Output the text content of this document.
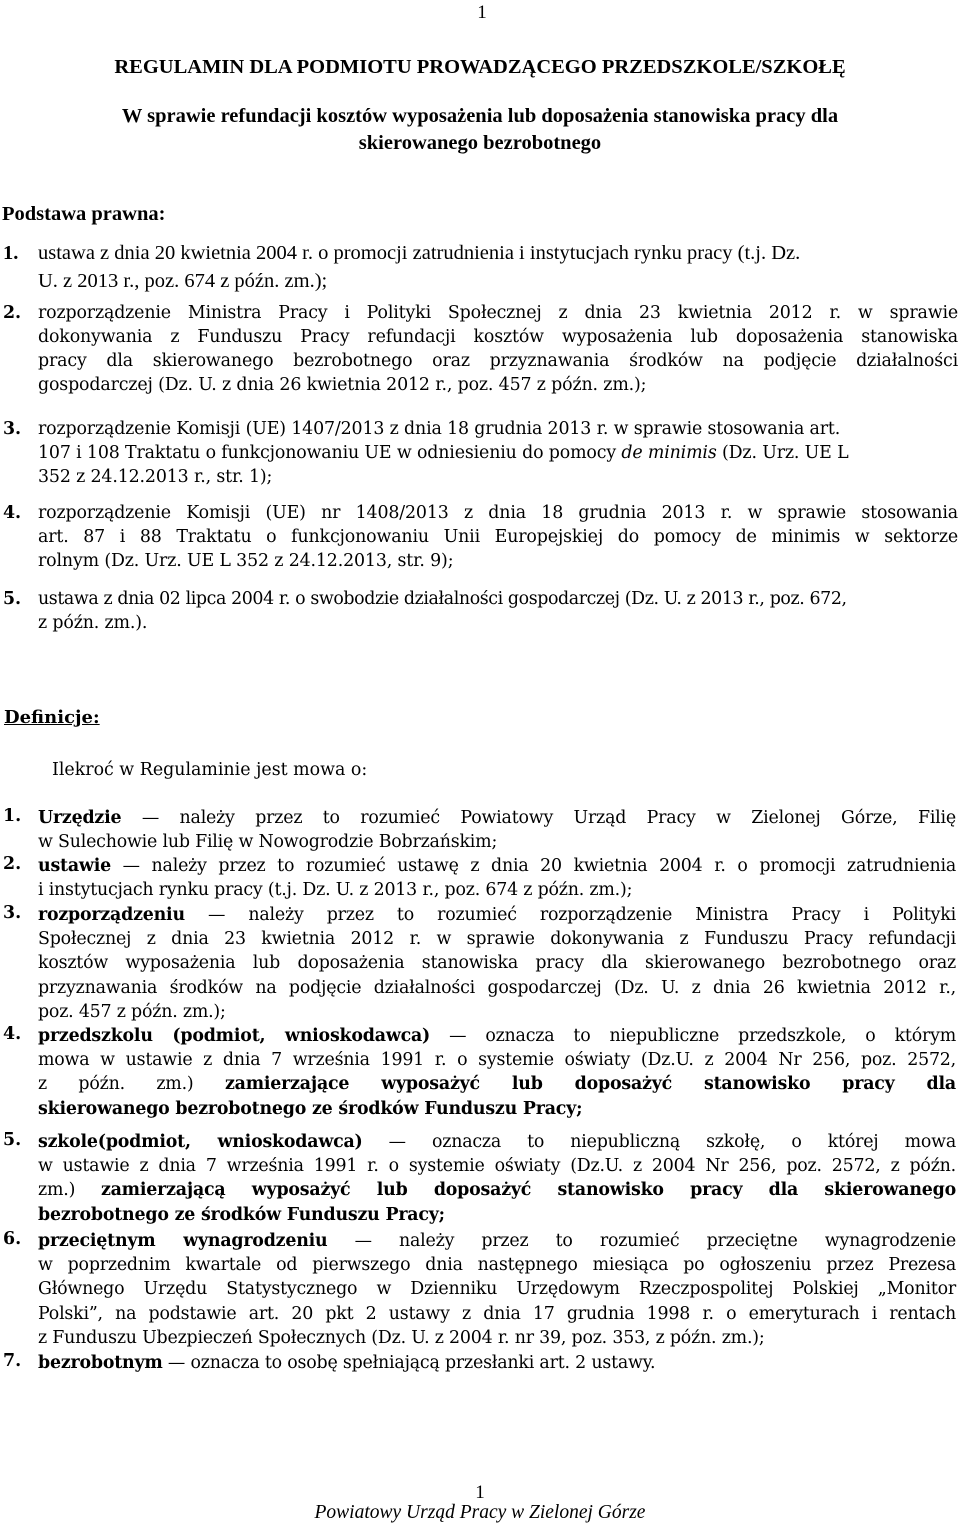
1
REGULAMIN DLA PODMIOTU PROWADZĄCEGO PRZEDSZKOLE/SZKOŁĘ
W sprawie refundacji kosztów wyposażenia lub doposażenia stanowiska pracy dla
skierowanego bezrobotnego
Podstawa prawna:
1. ustawa z dnia 20 kwietnia 2004 r. o promocji zatrudnienia i instytucjach rynku pracy (t.j. Dz.
U. z 2013 r., poz. 674 z późn. zm.);
2. rozporządzenie Ministra Pracy i Polityki Społecznej z dnia 23 kwietnia 2012 r. w sprawie
dokonywania z Funduszu Pracy refundacji kosztów wyposażenia lub doposażenia stanowiska
pracy dla skierowanego bezrobotnego oraz przyznawania środków na podjęcie działalności
gospodarczej (Dz. U. z dnia 26 kwietnia 2012 r., poz. 457 z późn. zm.);
3. rozporządzenie Komisji (UE) 1407/2013 z dnia 18 grudnia 2013 r. w sprawie stosowania art.
107 i 108 Traktatu o funkcjonowaniu UE w odniesieniu do pomocy de minimis (Dz. Urz. UE L
352 z 24.12.2013 r., str. 1);
4. rozporządzenie Komisji (UE) nr 1408/2013 z dnia 18 grudnia 2013 r. w sprawie stosowania
art. 87 i 88 Traktatu o funkcjonowaniu Unii Europejskiej do pomocy de minimis w sektorze
rolnym (Dz. Urz. UE L 352 z 24.12.2013, str. 9);
5. ustawa z dnia 02 lipca 2004 r. o swobodzie działalności gospodarczej (Dz. U. z 2013 r., poz. 672,
z późn. zm.).
Definicje:
Ilekroć w Regulaminie jest mowa o:
1. Urzędzie — należy przez to rozumieć Powiatowy Urząd Pracy w Zielonej Górze, Filię
w Sulechowie lub Filię w Nowogrodzie Bobrzańskim;
2. ustawie — należy przez to rozumieć ustawę z dnia 20 kwietnia 2004 r. o promocji zatrudnienia
i instytucjach rynku pracy (t.j. Dz. U. z 2013 r., poz. 674 z późn. zm.);
3. rozporządzeniu — należy przez to rozumieć rozporządzenie Ministra Pracy i Polityki
Społecznej z dnia 23 kwietnia 2012 r. w sprawie dokonywania z Funduszu Pracy refundacji
kosztów wyposażenia lub doposażenia stanowiska pracy dla skierowanego bezrobotnego oraz
przyznawania środków na podjęcie działalności gospodarczej (Dz. U. z dnia 26 kwietnia 2012 r.,
poz. 457 z późn. zm.);
4. przedszkolu (podmiot, wnioskodawca) — oznacza to niepubliczne przedszkole, o którym
mowa w ustawie z dnia 7 września 1991 r. o systemie oświaty (Dz.U. z 2004 Nr 256, poz. 2572,
z późn. zm.) zamierzające wyposażyć lub doposażyć stanowisko pracy dla
skierowanego bezrobotnego ze środków Funduszu Pracy;
5. szkole(podmiot, wnioskodawca) — oznacza to niepubliczną szkołę, o której mowa
w ustawie z dnia 7 września 1991 r. o systemie oświaty (Dz.U. z 2004 Nr 256, poz. 2572, z późn.
zm.) zamierzającą wyposażyć lub doposażyć stanowisko pracy dla skierowanego
bezrobotnego ze środków Funduszu Pracy;
6. przeciętnym wynagrodzeniu — należy przez to rozumieć przeciętne wynagrodzenie
w poprzednim kwartale od pierwszego dnia następnego miesiąca po ogłoszeniu przez Prezesa
Głównego Urzędu Statystycznego w Dzienniku Urzędowym Rzeczpospolitej Polskiej „Monitor
Polski”, na podstawie art. 20 pkt 2 ustawy z dnia 17 grudnia 1998 r. o emeryturach i rentach
z Funduszu Ubezpieczeń Społecznych (Dz. U. z 2004 r. nr 39, poz. 353, z późn. zm.);
7. bezrobotnym — oznacza to osobę spełniającą przesłanki art. 2 ustawy.
1
Powiatowy Urząd Pracy w Zielonej Górze
